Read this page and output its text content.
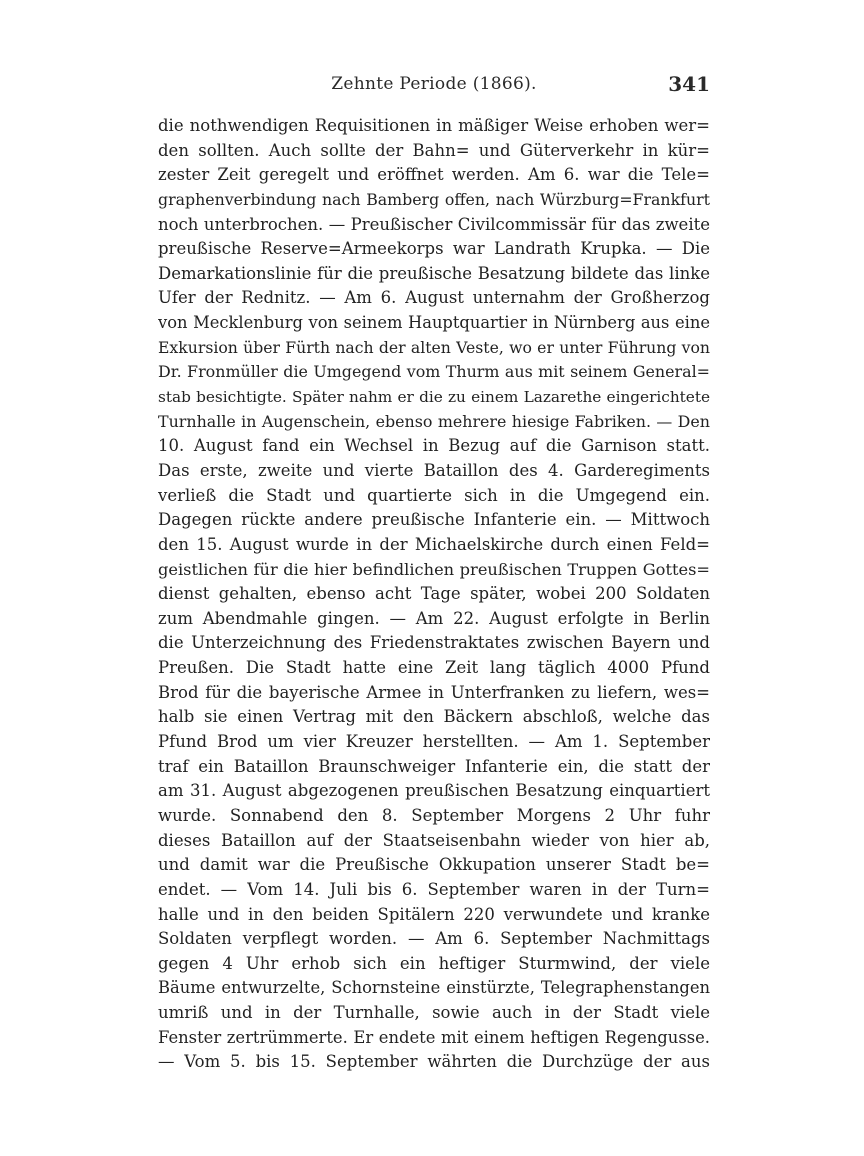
Zehnte Periode (1866).	341
die nothwendigen Requisitionen in mäßiger Weise erhoben wer=
den sollten. Auch sollte der Bahn= und Güterverkehr in kür=
zester Zeit geregelt und eröffnet werden. Am 6. war die Tele=
graphenverbindung nach Bamberg offen, nach Würzburg=Frankfurt
noch unterbrochen. — Preußischer Civilcommissär für das zweite
preußische Reserve=Armeekorps war Landrath Krupka. — Die
Demarkationslinie für die preußische Besatzung bildete das linke
Ufer der Rednitz. — Am 6. August unternahm der Großherzog
von Mecklenburg von seinem Hauptquartier in Nürnberg aus eine
Exkursion über Fürth nach der alten Veste, wo er unter Führung von
Dr. Fronmüller die Umgegend vom Thurm aus mit seinem General=
stab besichtigte. Später nahm er die zu einem Lazarethe eingerichtete
Turnhalle in Augenschein, ebenso mehrere hiesige Fabriken. — Den
10. August fand ein Wechsel in Bezug auf die Garnison statt.
Das erste, zweite und vierte Bataillon des 4. Garderegiments
verließ die Stadt und quartierte sich in die Umgegend ein.
Dagegen rückte andere preußische Infanterie ein. — Mittwoch
den 15. August wurde in der Michaelskirche durch einen Feld=
geistlichen für die hier befindlichen preußischen Truppen Gottes=
dienst gehalten, ebenso acht Tage später, wobei 200 Soldaten
zum Abendmahle gingen. — Am 22. August erfolgte in Berlin
die Unterzeichnung des Friedenstraktates zwischen Bayern und
Preußen. Die Stadt hatte eine Zeit lang täglich 4000 Pfund
Brod für die bayerische Armee in Unterfranken zu liefern, wes=
halb sie einen Vertrag mit den Bäckern abschloß, welche das
Pfund Brod um vier Kreuzer herstellten. — Am 1. September
traf ein Bataillon Braunschweiger Infanterie ein, die statt der
am 31. August abgezogenen preußischen Besatzung einquartiert
wurde. Sonnabend den 8. September Morgens 2 Uhr fuhr
dieses Bataillon auf der Staatseisenbahn wieder von hier ab,
und damit war die Preußische Okkupation unserer Stadt be=
endet. — Vom 14. Juli bis 6. September waren in der Turn=
halle und in den beiden Spitälern 220 verwundete und kranke
Soldaten verpflegt worden. — Am 6. September Nachmittags
gegen 4 Uhr erhob sich ein heftiger Sturmwind, der viele
Bäume entwurzelte, Schornsteine einstürzte, Telegraphenstangen
umriß und in der Turnhalle, sowie auch in der Stadt viele
Fenster zertrümmerte. Er endete mit einem heftigen Regengusse.
— Vom 5. bis 15. September währten die Durchzüge der aus
